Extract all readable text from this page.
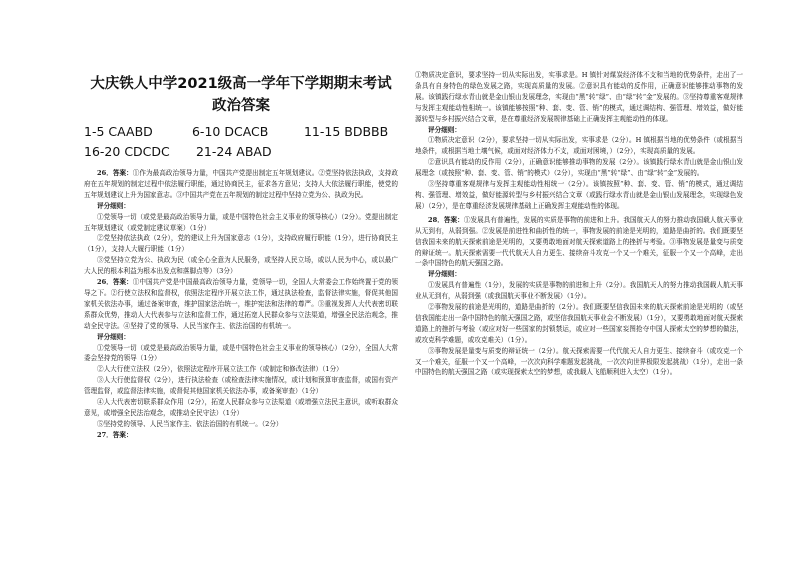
大庆铁人中学2021级高一学年下学期期末考试
政治答案
1-5 CAABD	6-10 DCACB	11-15 BDBBB
16-20 CDCDC 21-24 ABAD

26．答案：①作为最高政治领导力量，中国共产党提出制定五年规划建议。②党坚持依法执政，支持政府在五年规划的制定过程中依法履行职能，通过协商民主，征求各方意见；支持人大依法履行职能，使党的五年规划建议上升为国家意志。③中国共产党在五年规划的制定过程中坚持立党为公、执政为民。

评分细则：

①党领导一切（或党是最高政治领导力量，或是中国特色社会主义事业的领导核心）（2分）。党提出制定五年规划建议（或党制定建议草案）（1分）

②党坚持依法执政（2分），党的建议上升为国家意志（1分），支持政府履行职能（1分），进行协商民主（1分），支持人大履行职能（1分）

③党坚持立党为公、执政为民（或全心全意为人民服务，或坚持人民立场，或以人民为中心，或以最广大人民的根本利益为根本出发点和落脚点等）（3分）

26．答案：①中国共产党是中国最高政治领导力量，党领导一切，全国人大常委会工作始终置于党的领导之下。②行使立法权和监督权，依照法定程序开展立法工作，通过执法检查，监督法律实施，督促其他国家机关依法办事，通过备案审查，维护国家法治统一，维护宪法和法律的尊严。③重视发挥人大代表密切联系群众优势，推动人大代表参与立法和监督工作，通过拓宽人民群众参与立法渠道，增强全民法治观念，推动全民守法。④坚持了党的领导、人民当家作主、依法治国的有机统一。

评分细则：

①党领导一切（或党是最高政治领导力量，或是中国特色社会主义事业的领导核心）（2分），全国人大常委会坚持党的领导（1分）

②人大行使立法权（2分），依照法定程序开展立法工作（或制定和修改法律）（1分）

③人大行使监督权（2分），进行执法检查（或检查法律实施情况，或计划和预算审查监督，或国有资产管理监督，或监督法律实施，或督促其他国家机关依法办事，或备案审查）（1分）

④人大代表密切联系群众作用（2分），拓宽人民群众参与立法渠道（或增强立法民主意识，或听取群众意见，或增强全民法治观念，或推动全民守法）（1分）

⑤坚持党的领导、人民当家作主、依法治国的有机统一。（2分）

27．答案：

①物质决定意识，要求坚持一切从实际出发，实事求是。H 镇针对煤炭经济体不支和当地的优势条件，走出了一条具有自身特色的绿色发展之路，实现高质量的发展。②意识具有能动的反作用，正确意识能够推动事物的发展。该镇践行绿水青山就是金山银山发展理念，实现由“黑”转“绿”、由“绿”转“金”发展的。③坚持尊重客观规律与发挥主观能动性相统一。该镇能够按照“种、套、变、管、销”的模式，通过调结构、强管理、增效益，做好能源转型与乡村振兴结合文章，是在尊重经济发展规律基础上正确发挥主观能动性的体现。

评分细则：

①物质决定意识（2分），要求坚持一切从实际出发，实事求是（2分）。H 镇根据当地的优势条件（或根据当地条件，或根据当地土壤气候，或面对经济体力不支，或面对困境，）（2分），实现高质量的发展。

②意识具有能动的反作用（2分），正确意识能够推动事物的发展（2分）。该镇践行绿水青山就是金山银山发展理念（或按照“种、套、变、管、销”的模式）（2分），实现由“黑”转“绿”、由“绿”转“金”发展的。

③坚持尊重客观规律与发挥主观能动性相统一（2分）。该镇按照“种、套、变、管、销”的模式，通过调结构、强管理、增效益，做好能源转型与乡村振兴结合文章（或践行绿水青山就是金山银山发展理念，实现绿色发展）（2分），是在尊重经济发展规律基础上正确发挥主观能动性的体现。

28．答案：①发展具有普遍性，发展的实质是事物的前进和上升。我国航天人的努力推动我国载人航天事业从无到有，从弱到强。②发展是前进性和曲折性的统一，事物发展的前途是光明的，道路是曲折的。我们既要坚信我国未来的航天探索前途是光明的，又要勇敢地面对航天探索道路上的挫折与考验。③事物发展是量变与质变的辩证统一。航天探索需要一代代航天人自力更生、接续奋斗攻克一个又一个难关，征服一个又一个高峰，走出一条中国特色的航天强国之路。

评分细则：

①发展具有普遍性（1分），发展的实质是事物的前进和上升（2分）。我国航天人的努力推动我国载人航天事业从无到有，从弱到强（或我国航天事业不断发展）（1分）。

②事物发展的前途是光明的，道路是曲折的（2分）。我们既要坚信我国未来的航天探索前途是光明的（或坚信我国能走出一条中国特色的航天强国之路，或坚信我国航天事业会不断发展）（1分），又要勇敢地面对航天探索道路上的挫折与考验（或应对好一些国家的封锁禁运，或应对一些国家妄图抢夺中国人探索太空的梦想的做法，或攻克科学难题，或攻克难关）（1分）。

③事物发展是量变与质变的辩证统一（2分）。航天探索需要一代代航天人自力更生、接续奋斗（或攻克一个又一个难关，征服一个又一个高峰，一次次向科学难题发起挑战，一次次向世界极限发起挑战）（1分），走出一条中国特色的航天强国之路（或实现探索太空的梦想，或我载人飞船顺利进入太空）（1分）。
